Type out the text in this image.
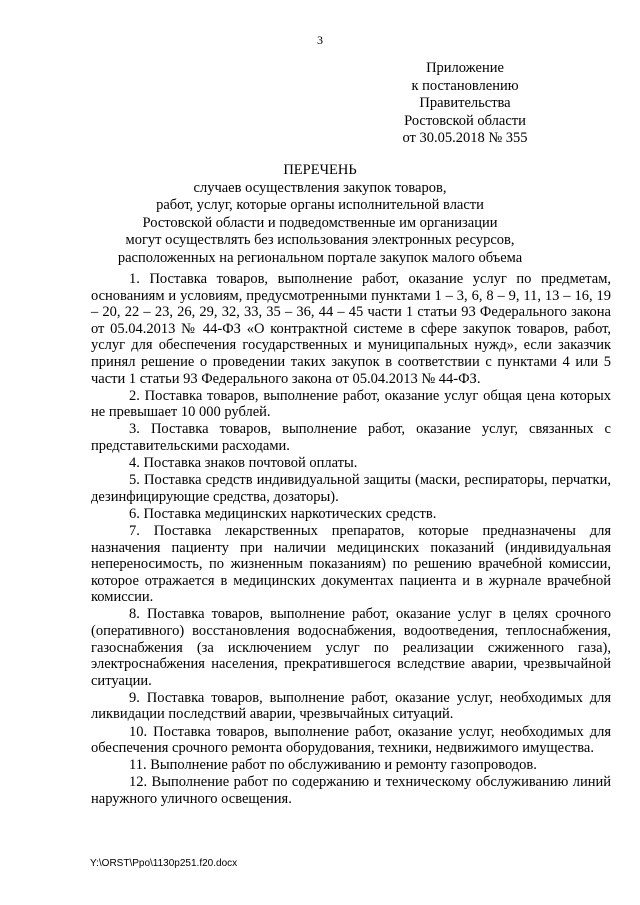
3
Приложение
к постановлению
Правительства
Ростовской области
от 30.05.2018 № 355
ПЕРЕЧЕНЬ
случаев осуществления закупок товаров,
работ, услуг, которые органы исполнительной власти
Ростовской области и подведомственные им организации
могут осуществлять без использования электронных ресурсов,
расположенных на региональном портале закупок малого объема

1. Поставка товаров, выполнение работ, оказание услуг по предметам, основаниям и условиям, предусмотренными пунктами 1 – 3, 6, 8 – 9, 11, 13 – 16, 19 – 20, 22 – 23, 26, 29, 32, 33, 35 – 36, 44 – 45 части 1 статьи 93 Федерального закона от 05.04.2013 № 44-ФЗ «О контрактной системе в сфере закупок товаров, работ, услуг для обеспечения государственных и муниципальных нужд», если заказчик принял решение о проведении таких закупок в соответствии с пунктами 4 или 5 части 1 статьи 93 Федерального закона от 05.04.2013 № 44-ФЗ.

2. Поставка товаров, выполнение работ, оказание услуг общая цена которых не превышает 10 000 рублей.

3. Поставка товаров, выполнение работ, оказание услуг, связанных с представительскими расходами.

4. Поставка знаков почтовой оплаты.

5. Поставка средств индивидуальной защиты (маски, респираторы, перчатки, дезинфицирующие средства, дозаторы).

6. Поставка медицинских наркотических средств.

7. Поставка лекарственных препаратов, которые предназначены для назначения пациенту при наличии медицинских показаний (индивидуальная непереносимость, по жизненным показаниям) по решению врачебной комиссии, которое отражается в медицинских документах пациента и в журнале врачебной комиссии.

8. Поставка товаров, выполнение работ, оказание услуг в целях срочного (оперативного) восстановления водоснабжения, водоотведения, теплоснабжения, газоснабжения (за исключением услуг по реализации сжиженного газа), электроснабжения населения, прекратившегося вследствие аварии, чрезвычайной ситуации.

9. Поставка товаров, выполнение работ, оказание услуг, необходимых для ликвидации последствий аварии, чрезвычайных ситуаций.

10. Поставка товаров, выполнение работ, оказание услуг, необходимых для обеспечения срочного ремонта оборудования, техники, недвижимого имущества.

11. Выполнение работ по обслуживанию и ремонту газопроводов.

12. Выполнение работ по содержанию и техническому обслуживанию линий наружного уличного освещения.

Y:\ORST\Ppo\1130p251.f20.docx
